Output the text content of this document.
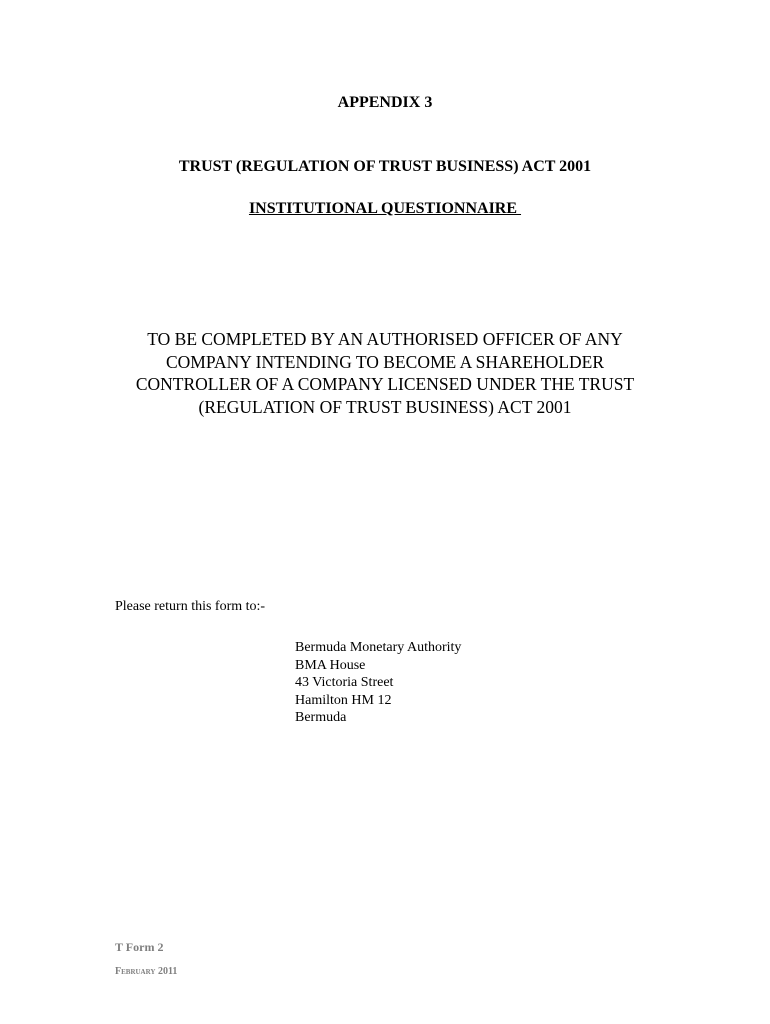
APPENDIX 3
TRUST (REGULATION OF TRUST BUSINESS) ACT 2001
INSTITUTIONAL QUESTIONNAIRE
TO BE COMPLETED BY AN AUTHORISED OFFICER OF ANY
COMPANY INTENDING TO BECOME A SHAREHOLDER
CONTROLLER OF A COMPANY LICENSED UNDER THE TRUST
(REGULATION OF TRUST BUSINESS) ACT 2001
Please return this form to:-
Bermuda Monetary Authority
BMA House
43 Victoria Street
Hamilton HM 12
Bermuda
T Form 2
February 2011
